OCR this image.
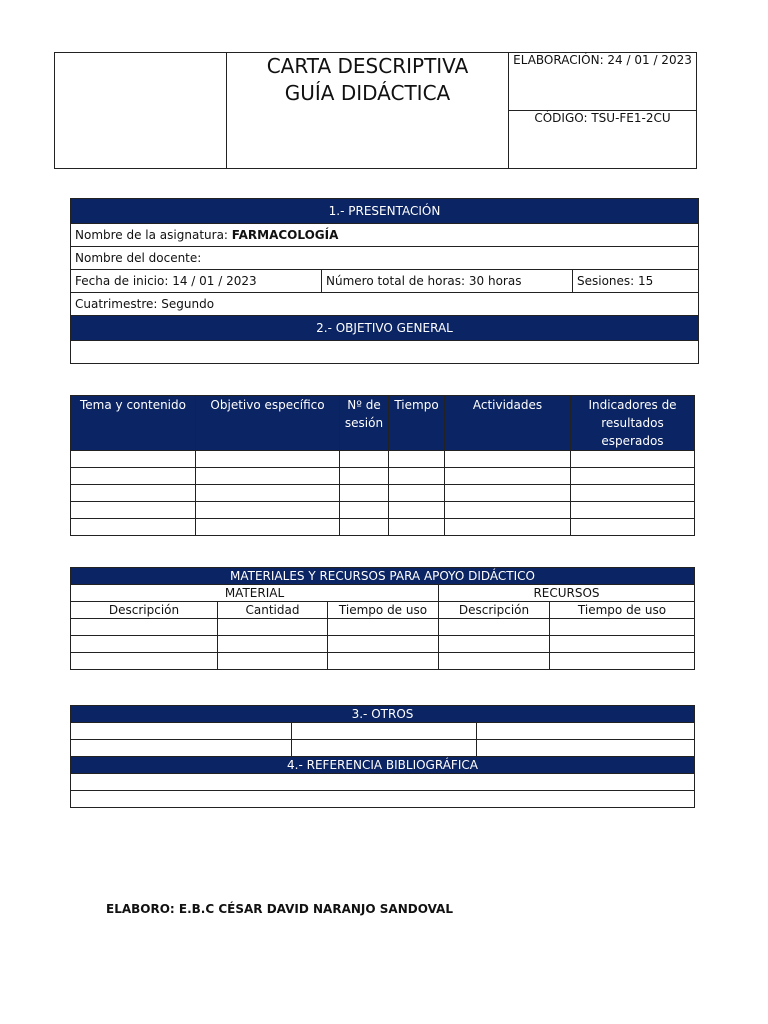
CARTA DESCRIPTIVA
GUÍA DIDÁCTICA
	ELABORACIÓN: 24 / 01 / 2023
CÓDIGO: TSU-FE1-2CU
1.- PRESENTACIÓN
Nombre de la asignatura: FARMACOLOGÍA
Nombre del docente:
Fecha de inicio: 14 / 01 / 2023	Número total de horas: 30 horas	Sesiones: 15
Cuatrimestre: Segundo
2.- OBJETIVO GENERAL

Tema y contenido	Objetivo específico	Nº de sesión	Tiempo	Actividades	Indicadores de resultados esperados

MATERIALES Y RECURSOS PARA APOYO DIDÁCTICO				
MATERIAL			RECURSOS	
Descripción	Cantidad	Tiempo de uso	Descripción	Tiempo de uso

3.- OTROS		

4.- REFERENCIA BIBLIOGRÁFICA		

ELABORO: E.B.C CÉSAR DAVID NARANJO SANDOVAL
